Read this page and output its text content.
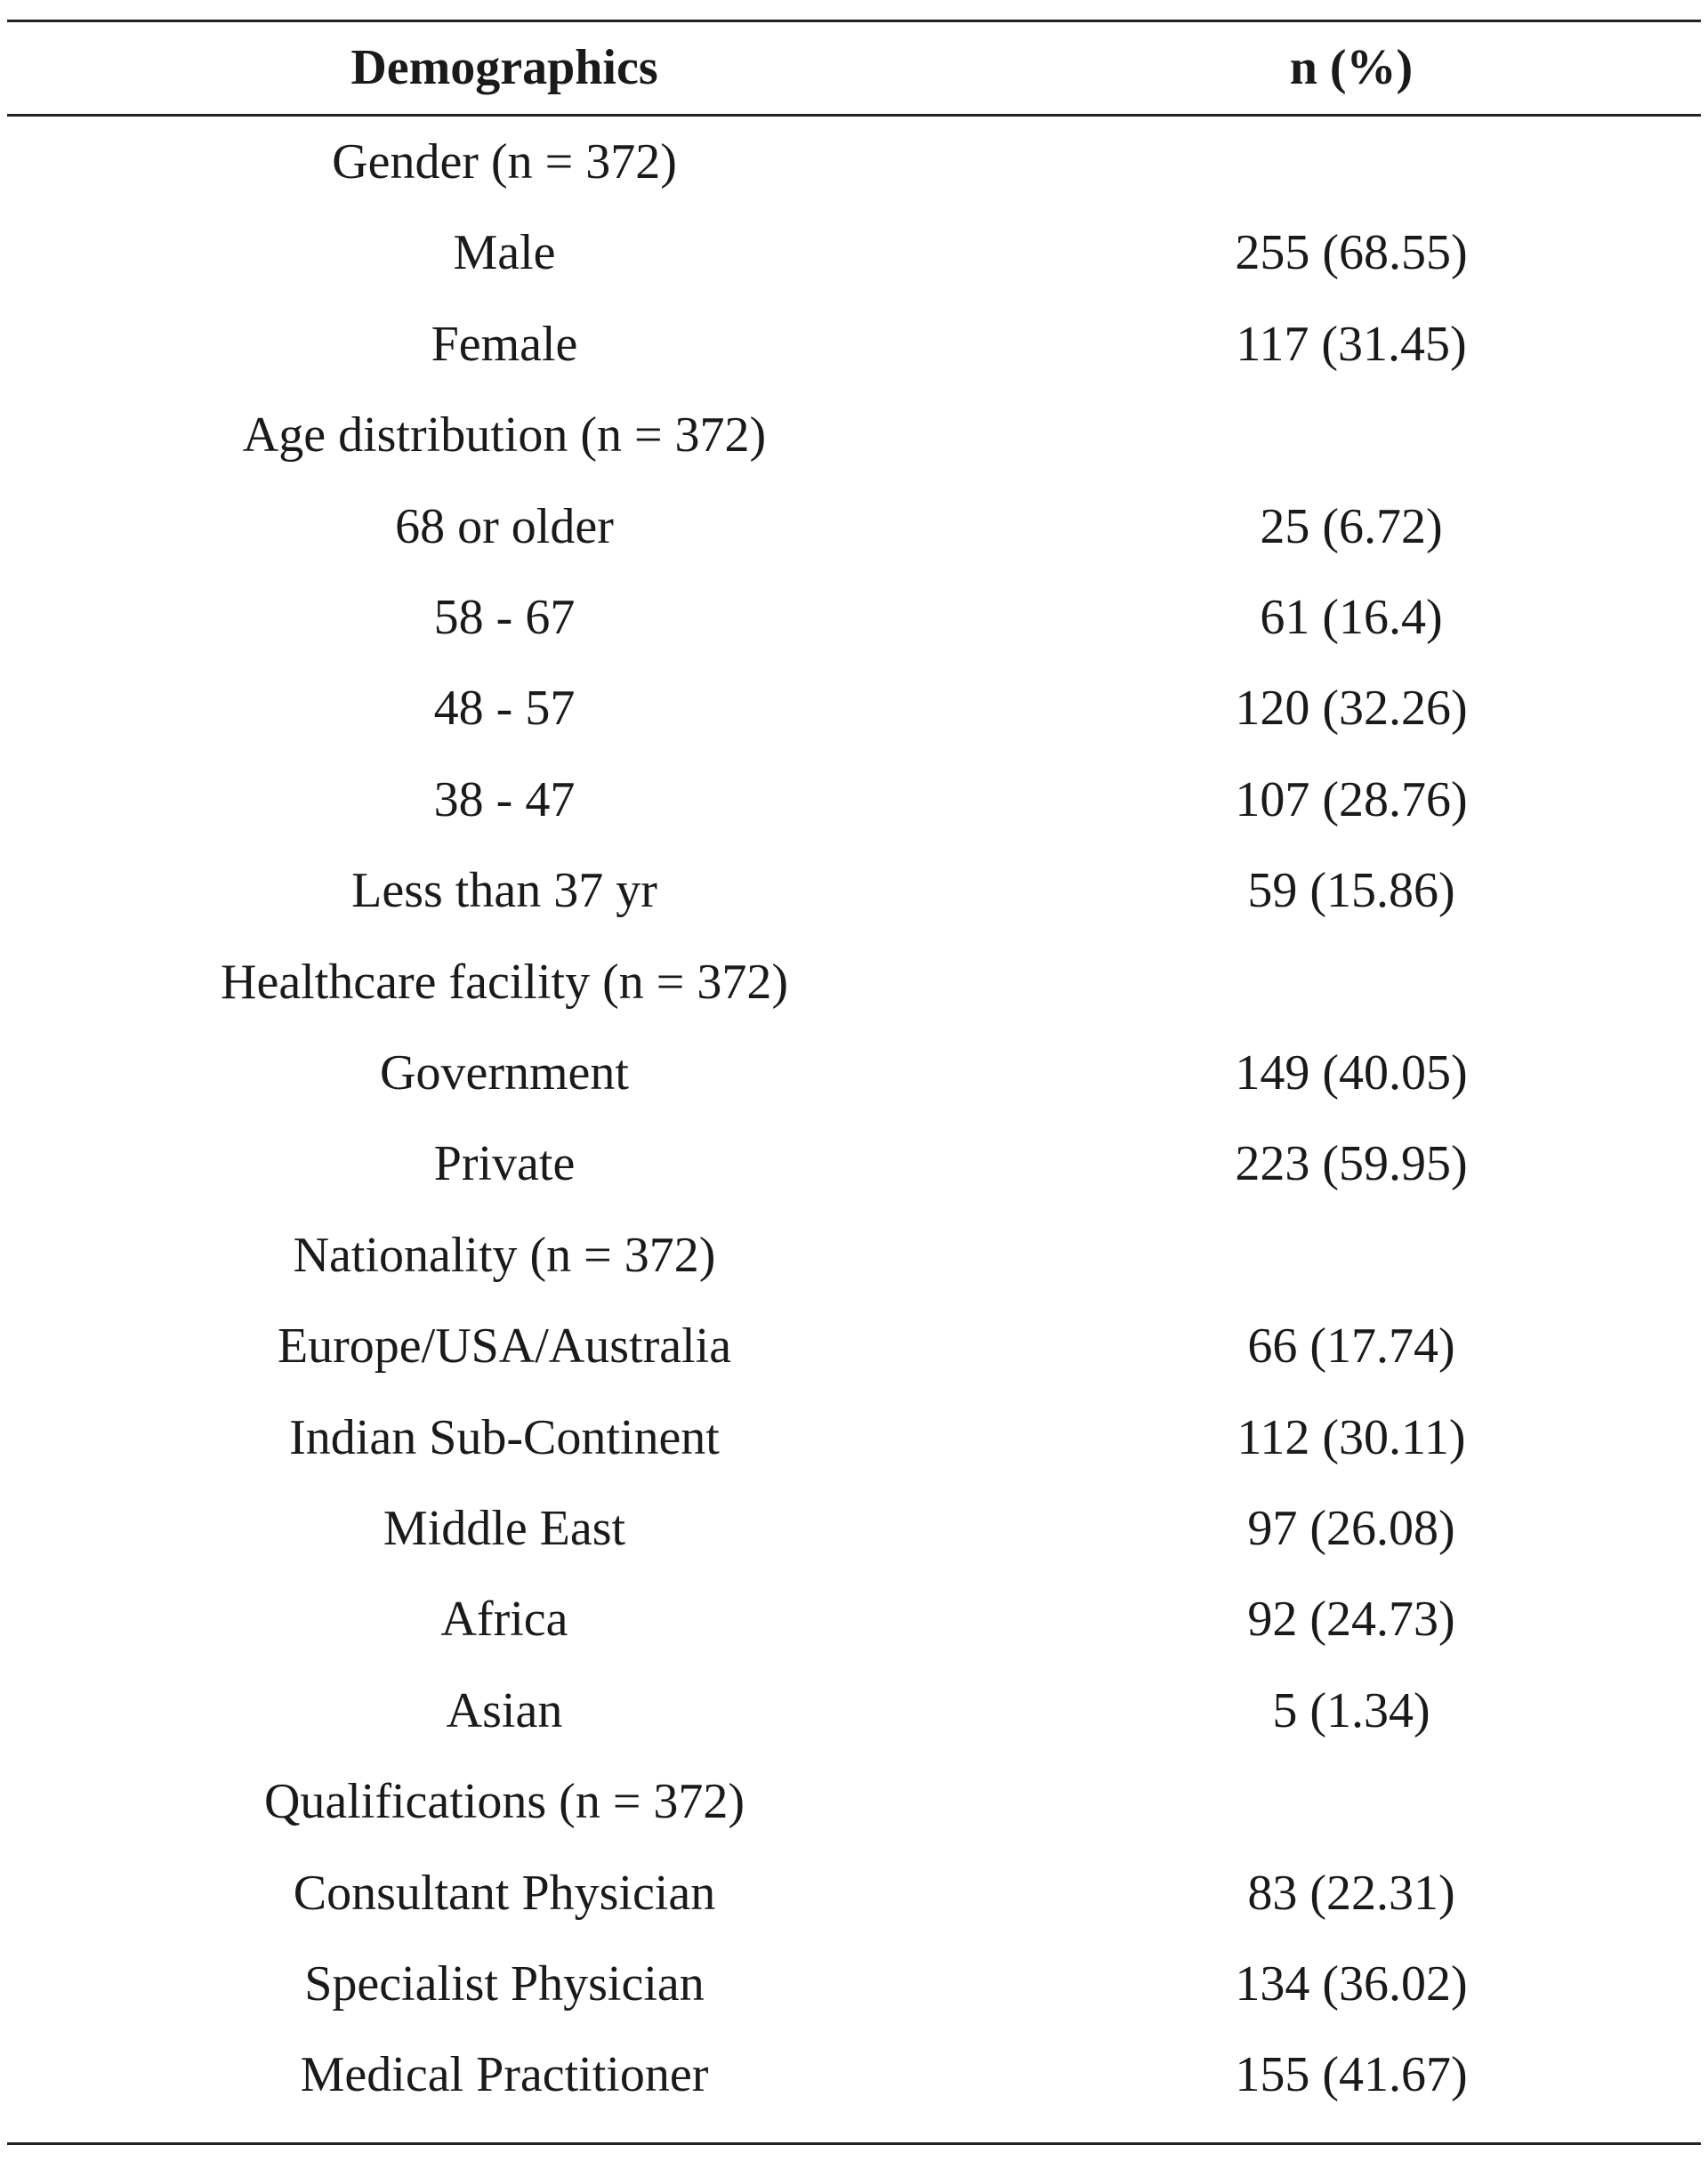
Demographics	n (%)
Gender (n = 372)
Male	255 (68.55)
Female	117 (31.45)
Age distribution (n = 372)
68 or older	25 (6.72)
58 - 67	61 (16.4)
48 - 57	120 (32.26)
38 - 47	107 (28.76)
Less than 37 yr	59 (15.86)
Healthcare facility (n = 372)
Government	149 (40.05)
Private	223 (59.95)
Nationality (n = 372)
Europe/USA/Australia	66 (17.74)
Indian Sub-Continent	112 (30.11)
Middle East	97 (26.08)
Africa	92 (24.73)
Asian	5 (1.34)
Qualifications (n = 372)
Consultant Physician	83 (22.31)
Specialist Physician	134 (36.02)
Medical Practitioner	155 (41.67)
